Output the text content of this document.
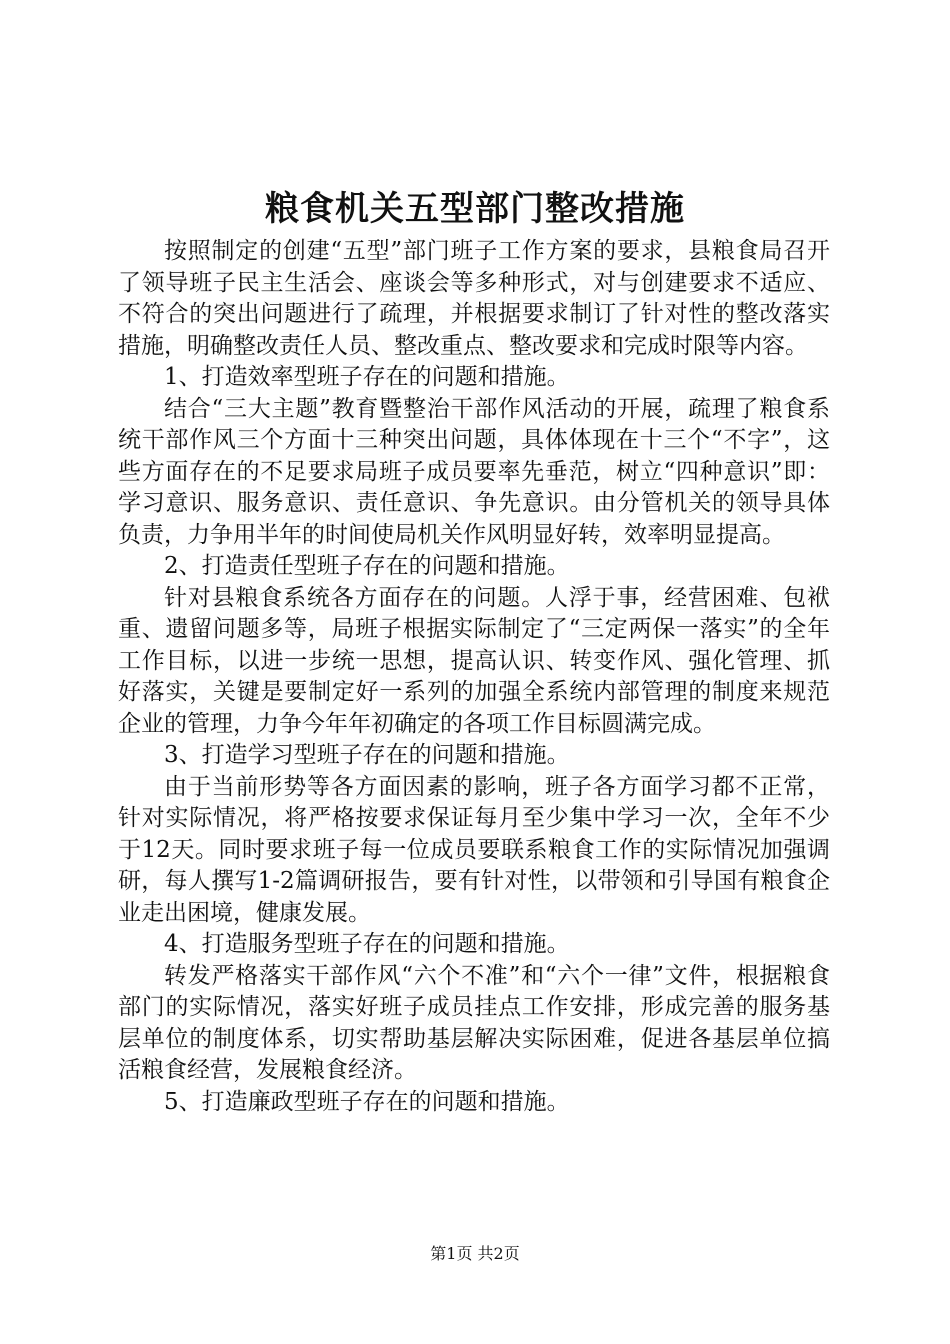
粮食机关五型部门整改措施

按照制定的创建“五型”部门班子工作方案的要求，县粮食局召开了领导班子民主生活会、座谈会等多种形式，对与创建要求不适应、不符合的突出问题进行了疏理，并根据要求制订了针对性的整改落实措施，明确整改责任人员、整改重点、整改要求和完成时限等内容。

1、打造效率型班子存在的问题和措施。

结合“三大主题”教育暨整治干部作风活动的开展，疏理了粮食系统干部作风三个方面十三种突出问题，具体体现在十三个“不字”，这些方面存在的不足要求局班子成员要率先垂范，树立“四种意识”即：学习意识、服务意识、责任意识、争先意识。由分管机关的领导具体负责，力争用半年的时间使局机关作风明显好转，效率明显提高。

2、打造责任型班子存在的问题和措施。

针对县粮食系统各方面存在的问题。人浮于事，经营困难、包袱重、遗留问题多等，局班子根据实际制定了“三定两保一落实”的全年工作目标，以进一步统一思想，提高认识、转变作风、强化管理、抓好落实，关键是要制定好一系列的加强全系统内部管理的制度来规范企业的管理，力争今年年初确定的各项工作目标圆满完成。

3、打造学习型班子存在的问题和措施。

由于当前形势等各方面因素的影响，班子各方面学习都不正常，针对实际情况，将严格按要求保证每月至少集中学习一次，全年不少于12天。同时要求班子每一位成员要联系粮食工作的实际情况加强调研，每人撰写1-2篇调研报告，要有针对性，以带领和引导国有粮食企业走出困境，健康发展。

4、打造服务型班子存在的问题和措施。

转发严格落实干部作风“六个不准”和“六个一律”文件，根据粮食部门的实际情况，落实好班子成员挂点工作安排，形成完善的服务基层单位的制度体系，切实帮助基层解决实际困难，促进各基层单位搞活粮食经营，发展粮食经济。

5、打造廉政型班子存在的问题和措施。

第1页 共2页
